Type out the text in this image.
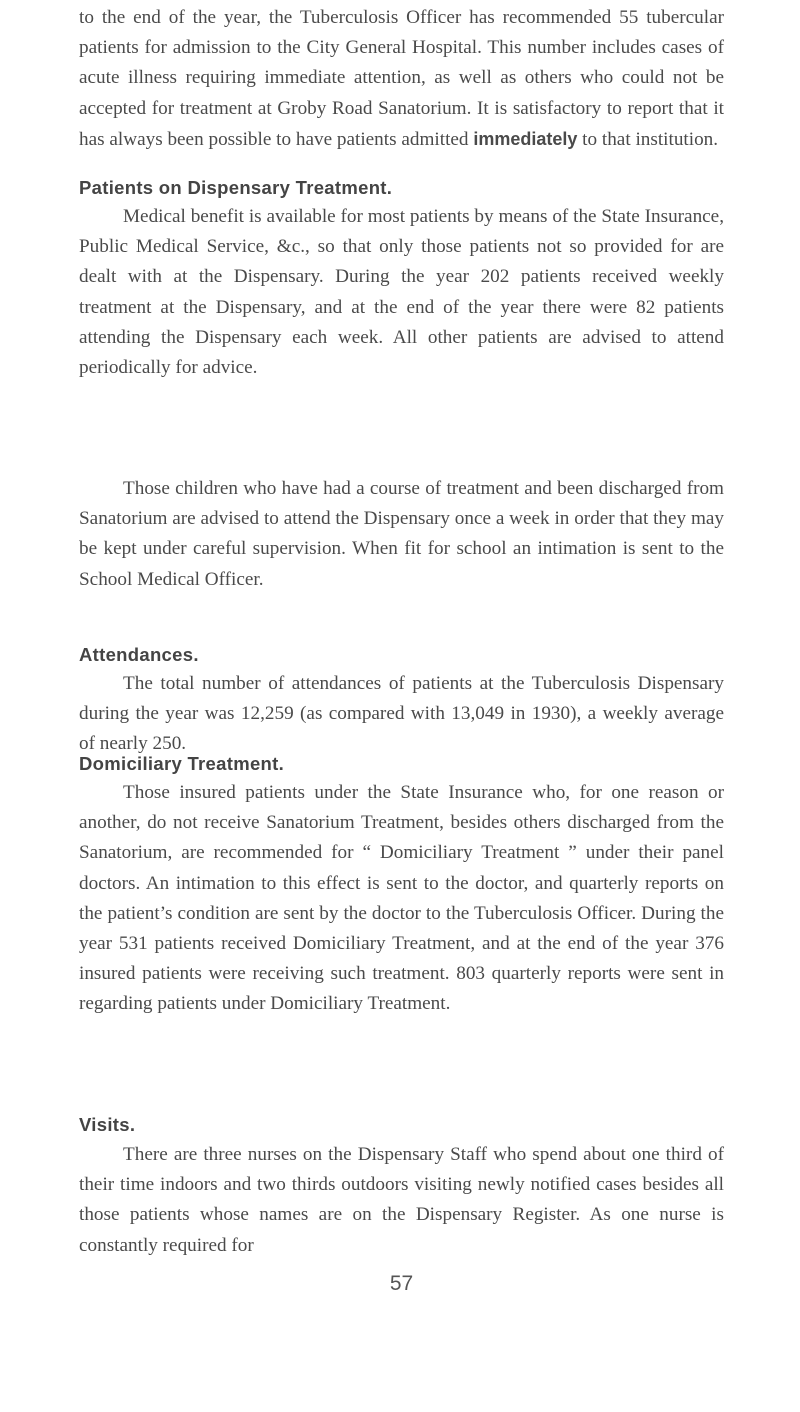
to the end of the year, the Tuberculosis Officer has recommended 55 tubercular patients for admission to the City General Hospital. This number includes cases of acute illness requiring immediate attention, as well as others who could not be accepted for treatment at Groby Road Sanatorium. It is satisfactory to report that it has always been possible to have patients admitted immediately to that institution.

Patients on Dispensary Treatment.

Medical benefit is available for most patients by means of the State Insurance, Public Medical Service, &c., so that only those patients not so provided for are dealt with at the Dispensary. During the year 202 patients received weekly treatment at the Dispensary, and at the end of the year there were 82 patients attending the Dispensary each week. All other patients are advised to attend periodically for advice.

Those children who have had a course of treatment and been discharged from Sanatorium are advised to attend the Dispensary once a week in order that they may be kept under careful supervision. When fit for school an intimation is sent to the School Medical Officer.

Attendances.

The total number of attendances of patients at the Tuberculosis Dispensary during the year was 12,259 (as compared with 13,049 in 1930), a weekly average of nearly 250.

Domiciliary Treatment.

Those insured patients under the State Insurance who, for one reason or another, do not receive Sanatorium Treatment, besides others discharged from the Sanatorium, are recommended for “ Domiciliary Treatment ” under their panel doctors. An intimation to this effect is sent to the doctor, and quarterly reports on the patient’s condition are sent by the doctor to the Tuberculosis Officer. During the year 531 patients received Domiciliary Treatment, and at the end of the year 376 insured patients were receiving such treatment. 803 quarterly reports were sent in regarding patients under Domiciliary Treatment.

Visits.

There are three nurses on the Dispensary Staff who spend about one third of their time indoors and two thirds outdoors visiting newly notified cases besides all those patients whose names are on the Dispensary Register. As one nurse is constantly required for

57
